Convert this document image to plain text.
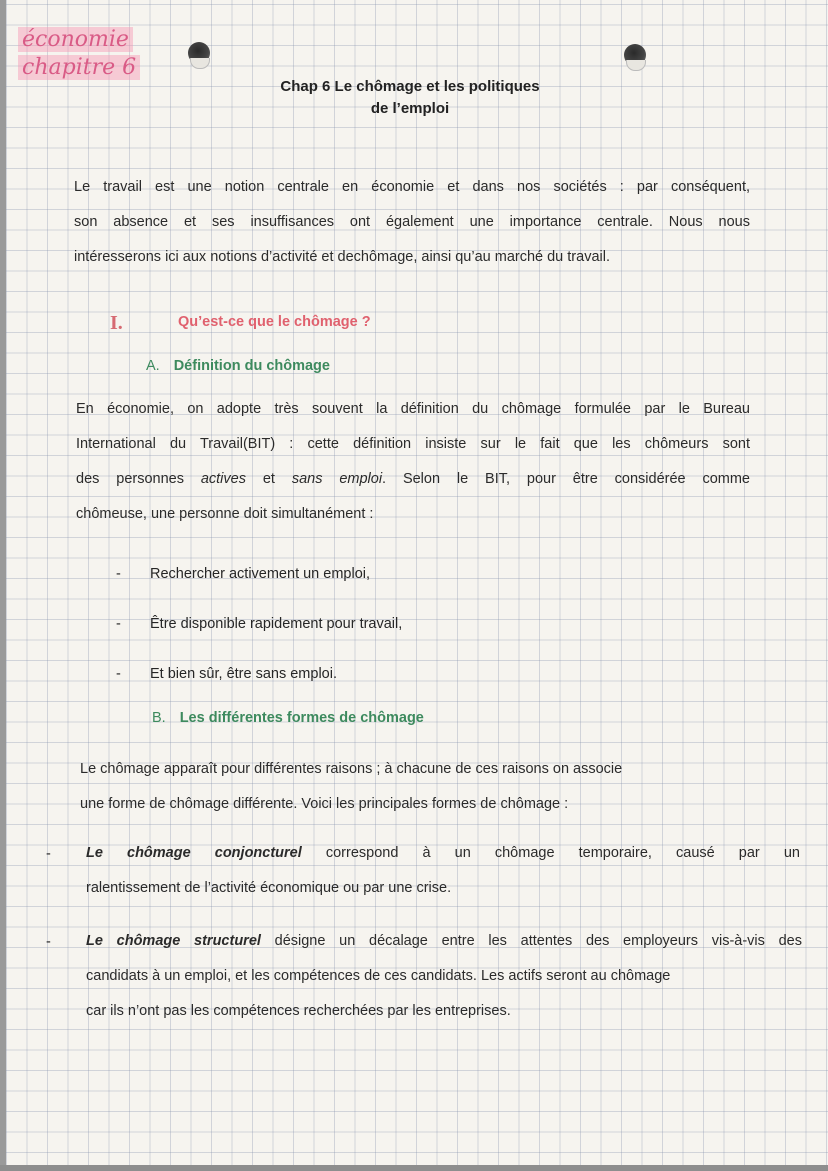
économie
chapitre 6
Chap 6 Le chômage et les politiques
de l’emploi
Le travail est une notion centrale en économie et dans nos sociétés : par conséquent,
son absence et ses insuffisances ont également une importance centrale. Nous nous
intéresserons ici aux notions d’activité et dechômage, ainsi qu’au marché du travail.
I.	Qu’est-ce que le chômage ?
A. Définition du chômage
En économie, on adopte très souvent la définition du chômage formulée par le Bureau
International du Travail(BIT) : cette définition insiste sur le fait que les chômeurs sont
des personnes actives et sans emploi. Selon le BIT, pour être considérée comme
chômeuse, une personne doit simultanément :
- Rechercher activement un emploi,
- Être disponible rapidement pour travail,
- Et bien sûr, être sans emploi.
B. Les différentes formes de chômage
Le chômage apparaît pour différentes raisons ; à chacune de ces raisons on associe
une forme de chômage différente. Voici les principales formes de chômage :
- Le chômage conjoncturel correspond à un chômage temporaire, causé par un
ralentissement de l’activité économique ou par une crise.
- Le chômage structurel désigne un décalage entre les attentes des employeurs vis-à-vis des
candidats à un emploi, et les compétences de ces candidats. Les actifs seront au chômage
car ils n’ont pas les compétences recherchées par les entreprises.
